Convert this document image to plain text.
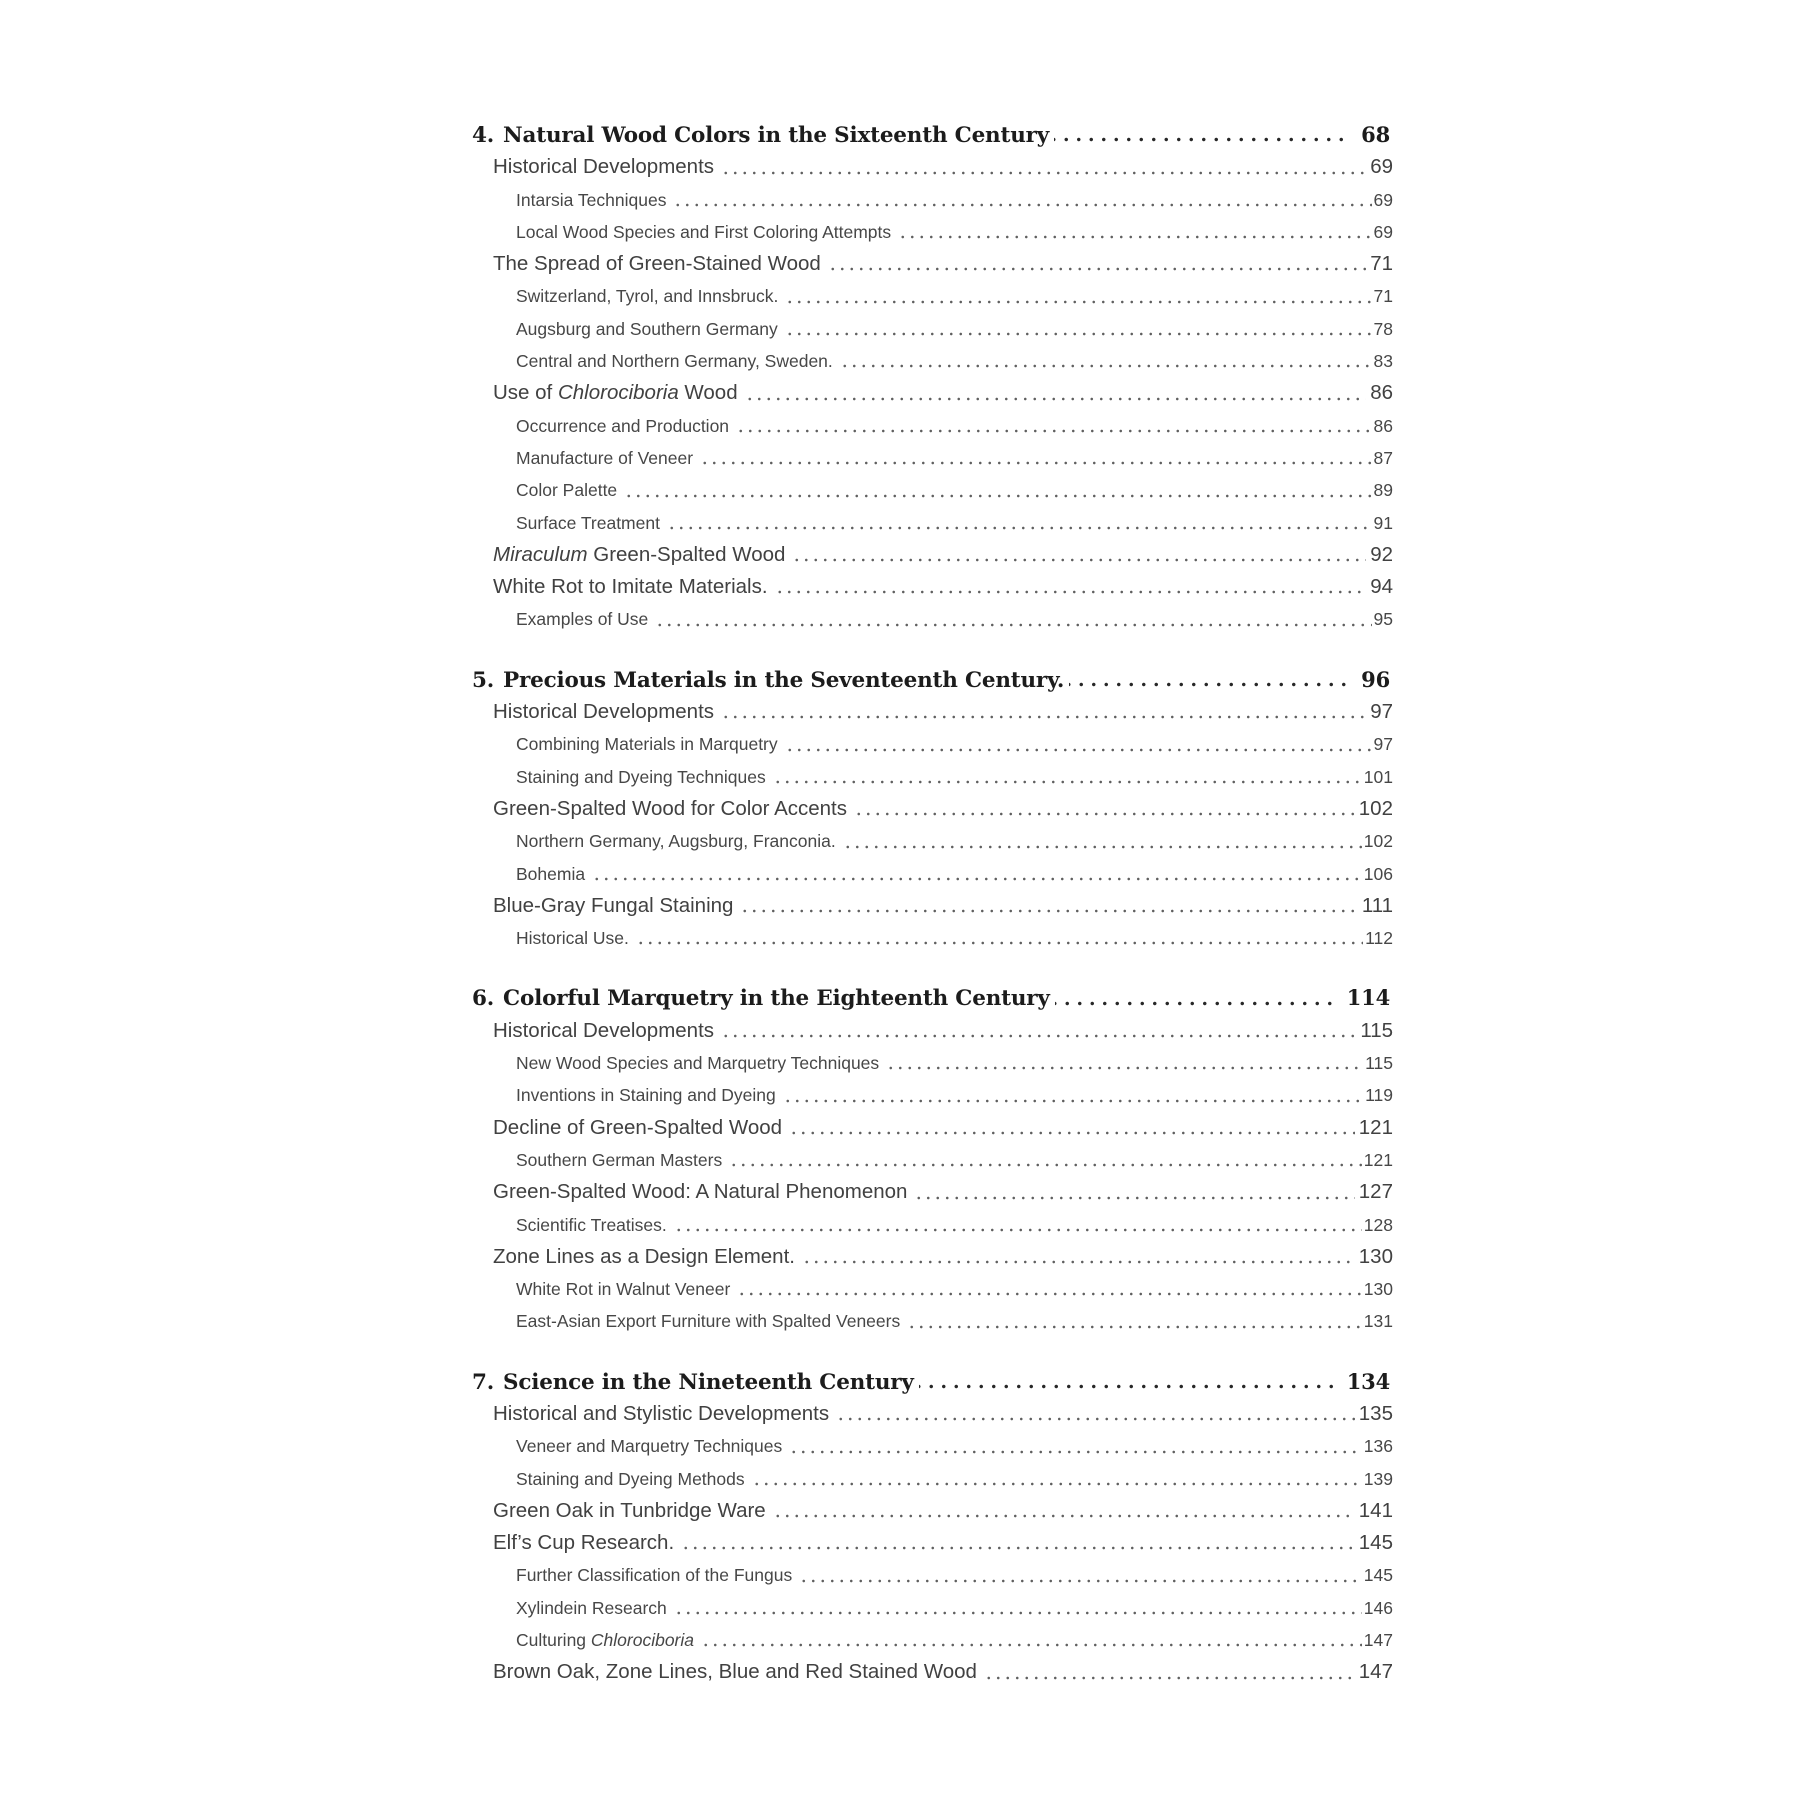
4. Natural Wood Colors in the Sixteenth Century	68
Historical Developments	69
Intarsia Techniques	69
Local Wood Species and First Coloring Attempts	69
The Spread of Green-Stained Wood	71
Switzerland, Tyrol, and Innsbruck.	71
Augsburg and Southern Germany	78
Central and Northern Germany, Sweden.	83
Use of Chlorociboria Wood	86
Occurrence and Production	86
Manufacture of Veneer	87
Color Palette	89
Surface Treatment	91
Miraculum Green-Spalted Wood	92
White Rot to Imitate Materials.	94
Examples of Use	95
5. Precious Materials in the Seventeenth Century.	96
Historical Developments	97
Combining Materials in Marquetry	97
Staining and Dyeing Techniques	101
Green-Spalted Wood for Color Accents	102
Northern Germany, Augsburg, Franconia.	102
Bohemia	106
Blue-Gray Fungal Staining	111
Historical Use.	112
6. Colorful Marquetry in the Eighteenth Century	114
Historical Developments	115
New Wood Species and Marquetry Techniques	115
Inventions in Staining and Dyeing	119
Decline of Green-Spalted Wood	121
Southern German Masters	121
Green-Spalted Wood: A Natural Phenomenon	127
Scientific Treatises.	128
Zone Lines as a Design Element.	130
White Rot in Walnut Veneer	130
East-Asian Export Furniture with Spalted Veneers	131
7. Science in the Nineteenth Century	134
Historical and Stylistic Developments	135
Veneer and Marquetry Techniques	136
Staining and Dyeing Methods	139
Green Oak in Tunbridge Ware	141
Elf’s Cup Research.	145
Further Classification of the Fungus	145
Xylindein Research	146
Culturing Chlorociboria	147
Brown Oak, Zone Lines, Blue and Red Stained Wood	147
